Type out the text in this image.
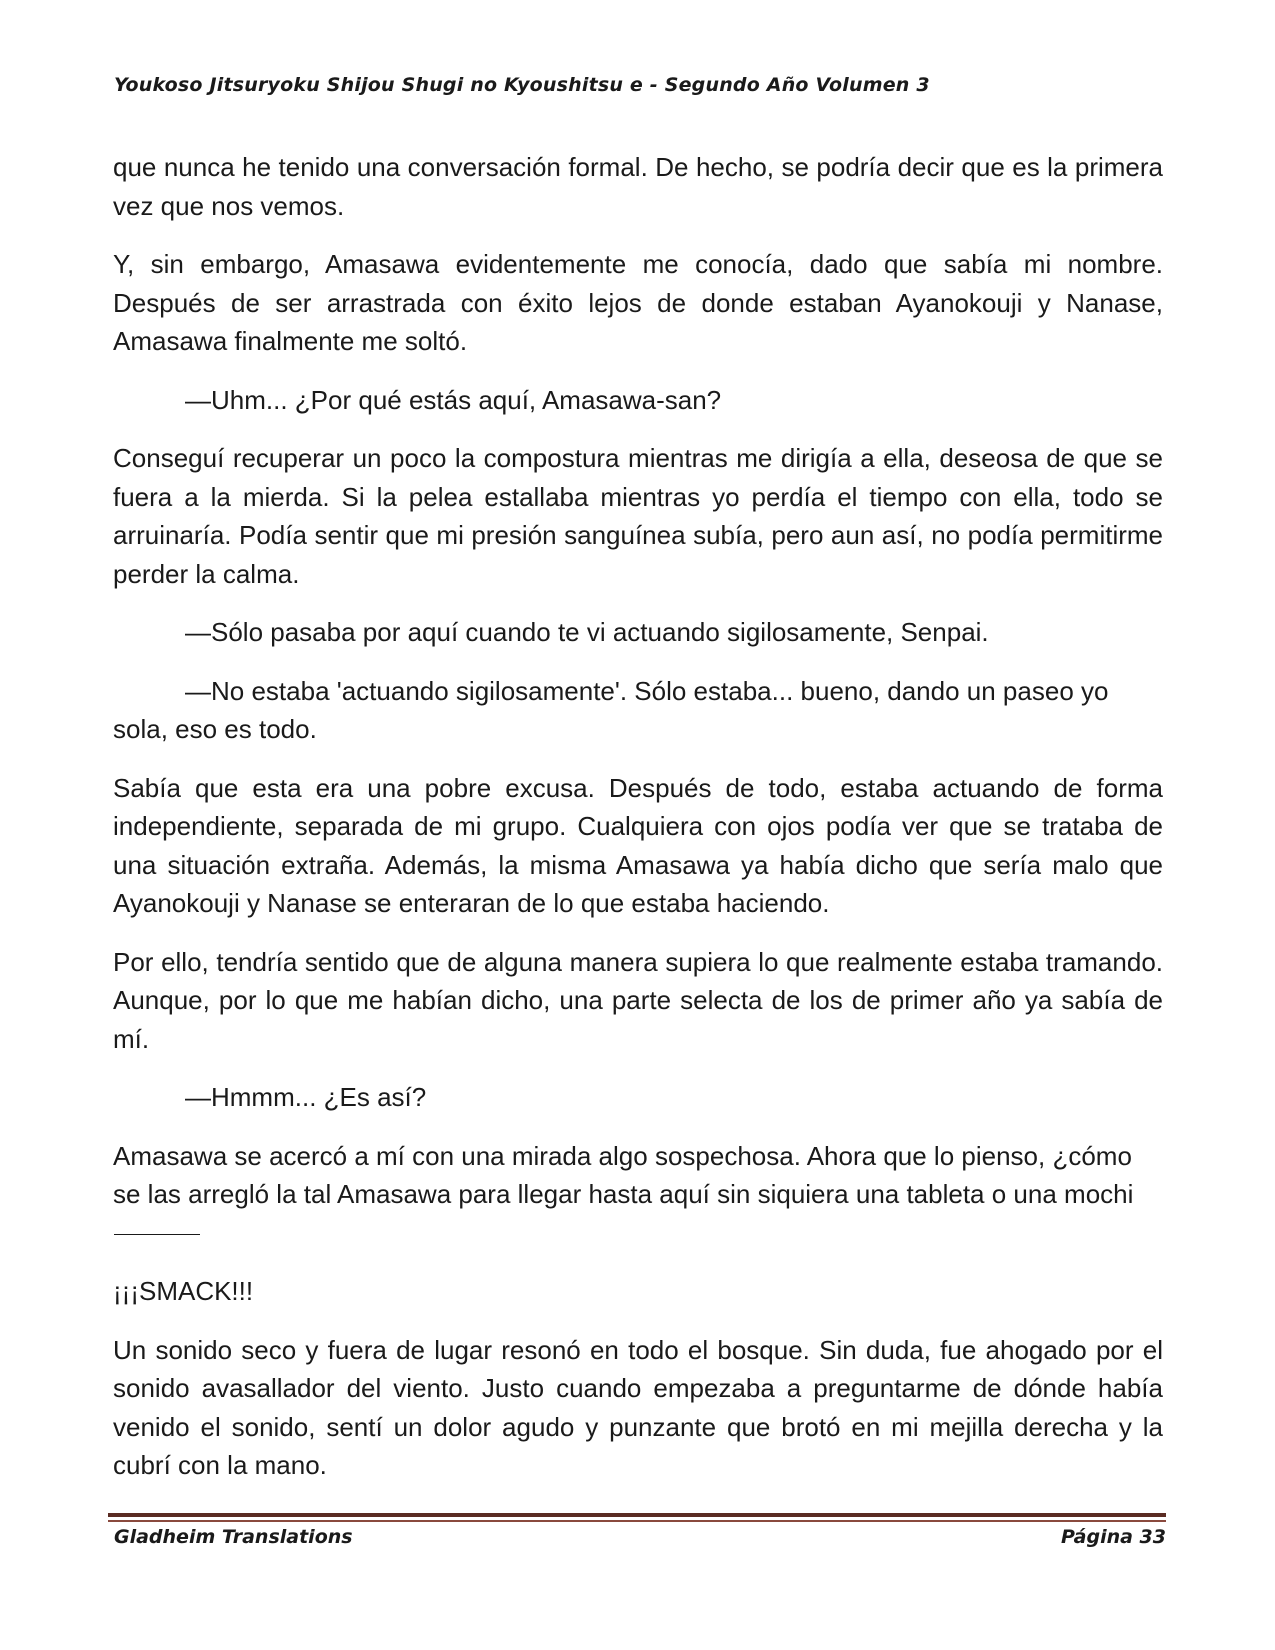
Youkoso Jitsuryoku Shijou Shugi no Kyoushitsu e - Segundo Año Volumen 3

que nunca he tenido una conversación formal. De hecho, se podría decir que es la primera vez que nos vemos.

Y, sin embargo, Amasawa evidentemente me conocía, dado que sabía mi nombre. Después de ser arrastrada con éxito lejos de donde estaban Ayanokouji y Nanase, Amasawa finalmente me soltó.

—Uhm... ¿Por qué estás aquí, Amasawa-san?

Conseguí recuperar un poco la compostura mientras me dirigía a ella, deseosa de que se fuera a la mierda. Si la pelea estallaba mientras yo perdía el tiempo con ella, todo se arruinaría. Podía sentir que mi presión sanguínea subía, pero aun así, no podía permitirme perder la calma.

—Sólo pasaba por aquí cuando te vi actuando sigilosamente, Senpai.

—No estaba 'actuando sigilosamente'. Sólo estaba... bueno, dando un paseo yo sola, eso es todo.

Sabía que esta era una pobre excusa. Después de todo, estaba actuando de forma independiente, separada de mi grupo. Cualquiera con ojos podía ver que se trataba de una situación extraña. Además, la misma Amasawa ya había dicho que sería malo que Ayanokouji y Nanase se enteraran de lo que estaba haciendo.

Por ello, tendría sentido que de alguna manera supiera lo que realmente estaba tramando. Aunque, por lo que me habían dicho, una parte selecta de los de primer año ya sabía de mí.

—Hmmm... ¿Es así?

Amasawa se acercó a mí con una mirada algo sospechosa. Ahora que lo pienso, ¿cómo se las arregló la tal Amasawa para llegar hasta aquí sin siquiera una tableta o una mochi

¡¡¡SMACK!!!

Un sonido seco y fuera de lugar resonó en todo el bosque. Sin duda, fue ahogado por el sonido avasallador del viento. Justo cuando empezaba a preguntarme de dónde había venido el sonido, sentí un dolor agudo y punzante que brotó en mi mejilla derecha y la cubrí con la mano.

Gladheim Translations	Página 33
